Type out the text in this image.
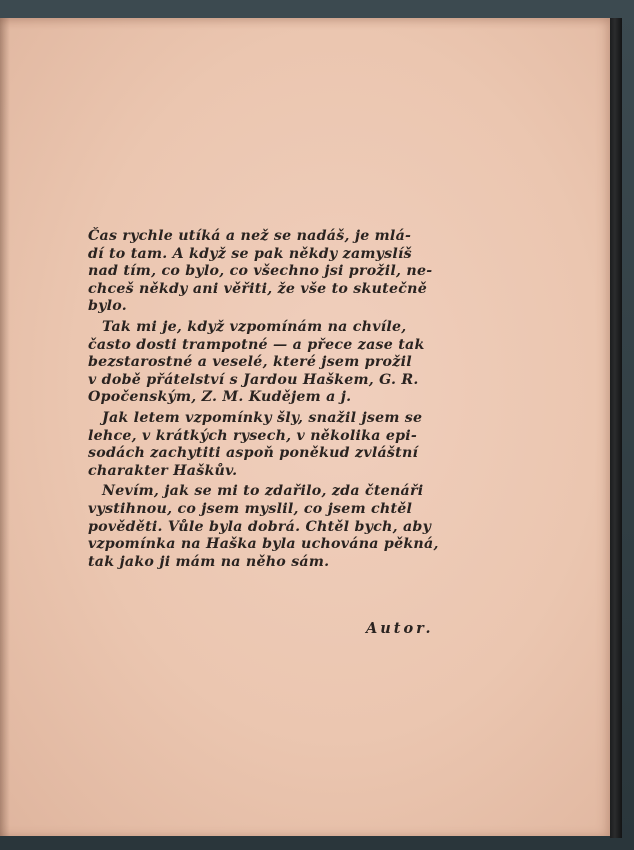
Čas rychle utíká a než se nadáš, je mlá-
dí to tam. A když se pak někdy zamyslíš
nad tím, co bylo, co všechno jsi prožil, ne-
chceš někdy ani věřiti, že vše to skutečně
bylo.

Tak mi je, když vzpomínám na chvíle,
často dosti trampotné — a přece zase tak
bezstarostné a veselé, které jsem prožil
v době přátelství s Jardou Haškem, G. R.
Opočenským, Z. M. Kudějem a j.

Jak letem vzpomínky šly, snažil jsem se
lehce, v krátkých rysech, v několika epi-
sodách zachytiti aspoň poněkud zvláštní
charakter Haškův.

Nevím, jak se mi to zdařilo, zda čtenáři
vystihnou, co jsem myslil, co jsem chtěl
pověděti. Vůle byla dobrá. Chtěl bych, aby
vzpomínka na Haška byla uchována pěkná,
tak jako ji mám na něho sám.

Autor.
